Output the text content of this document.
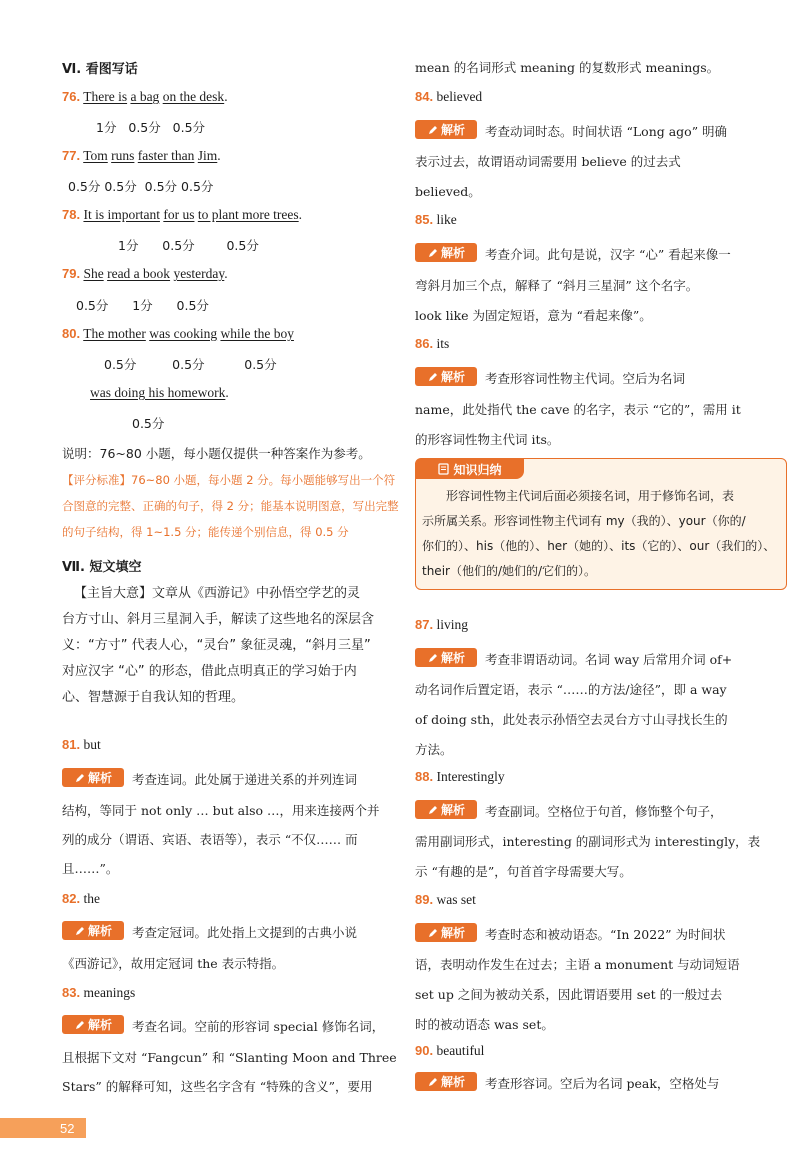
Ⅵ. 看图写话
76. There is a bag on the desk.
1分   0.5分   0.5分
77. Tom runs faster than Jim.
0.5分 0.5分  0.5分 0.5分
78. It is important for us to plant more trees.
1分      0.5分        0.5分
79. She read a book yesterday.
0.5分      1分      0.5分
80. The mother was cooking while the boy
0.5分         0.5分          0.5分
was doing his homework.
0.5分
说明：76~80 小题，每小题仅提供一种答案作为参考。
【评分标准】76~80 小题，每小题 2 分。每小题能够写出一个符
合图意的完整、正确的句子，得 2 分；能基本说明图意，写出完整
的句子结构，得 1~1.5 分；能传递个别信息，得 0.5 分
Ⅶ. 短文填空
【主旨大意】文章从《西游记》中孙悟空学艺的灵
台方寸山、斜月三星洞入手，解读了这些地名的深层含
义：“方寸” 代表人心，“灵台” 象征灵魂，“斜月三星”
对应汉字 “心” 的形态，借此点明真正的学习始于内
心、智慧源于自我认知的哲理。
81. but
解析 考查连词。此处属于递进关系的并列连词
结构，等同于 not only … but also …，用来连接两个并
列的成分（谓语、宾语、表语等），表示 “不仅…… 而
且……”。
82. the
解析 考查定冠词。此处指上文提到的古典小说
《西游记》，故用定冠词 the 表示特指。
83. meanings
解析 考查名词。空前的形容词 special 修饰名词，
且根据下文对 “Fangcun” 和 “Slanting Moon and Three
Stars” 的解释可知，这些名字含有 “特殊的含义”，要用
mean 的名词形式 meaning 的复数形式 meanings。
84. believed
解析 考查动词时态。时间状语 “Long ago” 明确
表示过去，故谓语动词需要用 believe 的过去式
believed。
85. like
解析 考查介词。此句是说，汉字 “心” 看起来像一
弯斜月加三个点，解释了 “斜月三星洞” 这个名字。
look like 为固定短语，意为 “看起来像”。
86. its
解析 考查形容词性物主代词。空后为名词
name，此处指代 the cave 的名字，表示 “它的”，需用 it
的形容词性物主代词 its。
知识归纳
形容词性物主代词后面必须接名词，用于修饰名词，表
示所属关系。形容词性物主代词有 my（我的）、your（你的/
你们的）、his（他的）、her（她的）、its（它的）、our（我们的）、
their（他们的/她们的/它们的）。
87. living
解析 考查非谓语动词。名词 way 后常用介词 of+
动名词作后置定语，表示 “……的方法/途径”，即 a way
of doing sth，此处表示孙悟空去灵台方寸山寻找长生的
方法。
88. Interestingly
解析 考查副词。空格位于句首，修饰整个句子，
需用副词形式，interesting 的副词形式为 interestingly，表
示 “有趣的是”，句首首字母需要大写。
89. was set
解析 考查时态和被动语态。“In 2022” 为时间状
语，表明动作发生在过去；主语 a monument 与动词短语
set up 之间为被动关系，因此谓语要用 set 的一般过去
时的被动语态 was set。
90. beautiful
解析 考查形容词。空后为名词 peak，空格处与
52
